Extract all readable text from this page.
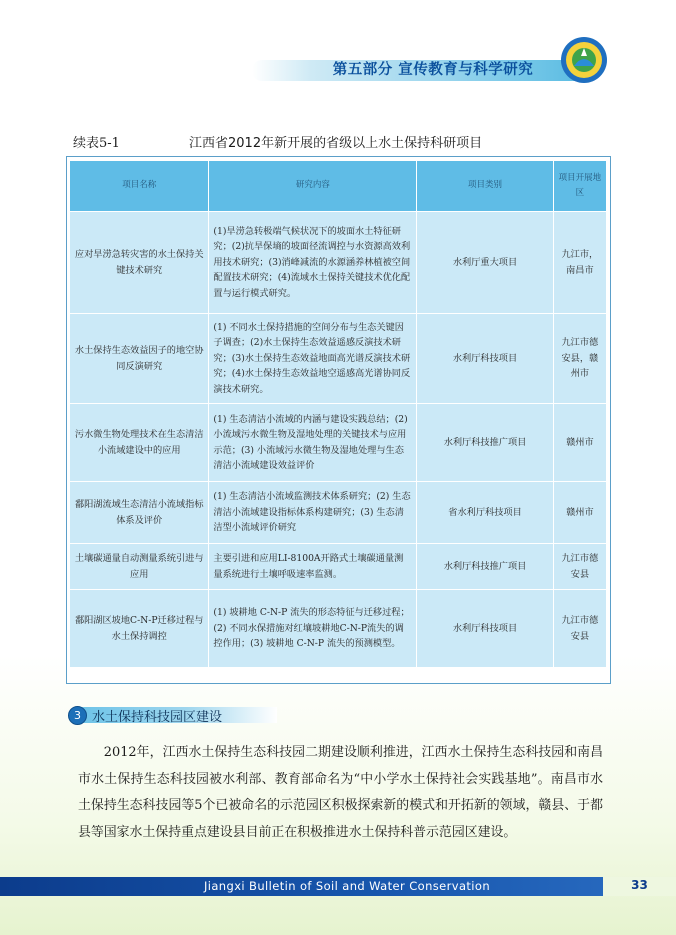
第五部分 宣传教育与科学研究
续表5-1	江西省2012年新开展的省级以上水土保持科研项目
项目名称	研究内容	项目类别	项目开展地区
应对旱涝急转灾害的水土保持关键技术研究	(1)旱涝急转极端气候状况下的坡面水土特征研究；(2)抗旱保墒的坡面径流调控与水资源高效利用技术研究；(3)消峰减流的水源涵养林植被空间配置技术研究；(4)流域水土保持关键技术优化配置与运行模式研究。	水利厅重大项目	九江市，南昌市
水土保持生态效益因子的地空协同反演研究	(1) 不同水土保持措施的空间分布与生态关键因子调查；(2)水土保持生态效益遥感反演技术研究；(3)水土保持生态效益地面高光谱反演技术研究；(4)水土保持生态效益地空遥感高光谱协同反演技术研究。	水利厅科技项目	九江市德安县，赣州市
污水微生物处理技术在生态清洁小流域建设中的应用	(1) 生态清洁小流域的内涵与建设实践总结；(2) 小流域污水微生物及湿地处理的关键技术与应用示范；(3) 小流域污水微生物及湿地处理与生态清洁小流域建设效益评价	水利厅科技推广项目	赣州市
鄱阳湖流域生态清洁小流域指标体系及评价	(1) 生态清洁小流域监测技术体系研究；(2) 生态清洁小流域建设指标体系构建研究；(3) 生态清洁型小流域评价研究	省水利厅科技项目	赣州市
土壤碳通量自动测量系统引进与应用	主要引进和应用LI-8100A开路式土壤碳通量测量系统进行土壤呼吸速率监测。	水利厅科技推广项目	九江市德安县
鄱阳湖区坡地C-N-P迁移过程与水土保持调控	(1) 坡耕地 C-N-P 流失的形态特征与迁移过程；(2) 不同水保措施对红壤坡耕地C-N-P流失的调控作用；(3) 坡耕地 C-N-P 流失的预测模型。	水利厅科技项目	九江市德安县
3 水土保持科技园区建设

2012年，江西水土保持生态科技园二期建设顺利推进，江西水土保持生态科技园和南昌市水土保持生态科技园被水利部、教育部命名为“中小学水土保持社会实践基地”。南昌市水土保持生态科技园等5个已被命名的示范园区积极探索新的模式和开拓新的领域，赣县、于都县等国家水土保持重点建设县目前正在积极推进水土保持科普示范园区建设。

Jiangxi Bulletin of Soil and Water Conservation	33
